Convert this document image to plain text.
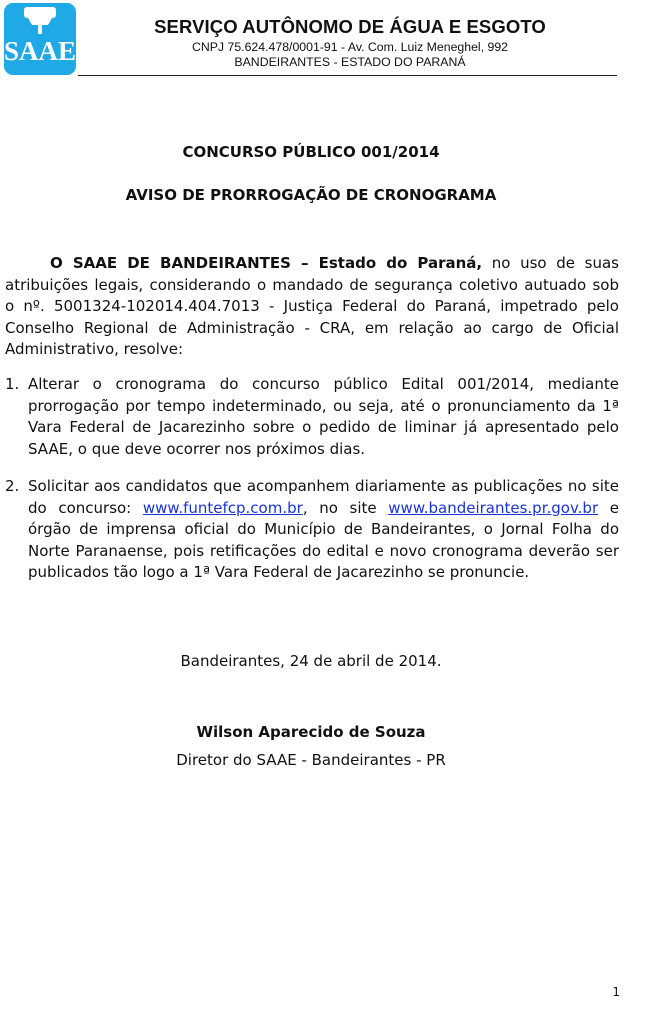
SAAE
SERVIÇO AUTÔNOMO DE ÁGUA E ESGOTO
CNPJ 75.624.478/0001-91 - Av. Com. Luiz Meneghel, 992
BANDEIRANTES - ESTADO DO PARANÁ
CONCURSO PÚBLICO 001/2014
AVISO DE PRORROGAÇÃO DE CRONOGRAMA

O SAAE DE BANDEIRANTES – Estado do Paraná, no uso de suas atribuições legais, considerando o mandado de segurança coletivo autuado sob o nº. 5001324-102014.404.7013 - Justiça Federal do Paraná, impetrado pelo Conselho Regional de Administração - CRA, em relação ao cargo de Oficial Administrativo, resolve:

1. Alterar o cronograma do concurso público Edital 001/2014, mediante prorrogação por tempo indeterminado, ou seja, até o pronunciamento da 1ª Vara Federal de Jacarezinho sobre o pedido de liminar já apresentado pelo SAAE, o que deve ocorrer nos próximos dias.
2. Solicitar aos candidatos que acompanhem diariamente as publicações no site do concurso: www.funtefcp.com.br, no site www.bandeirantes.pr.gov.br e órgão de imprensa oficial do Município de Bandeirantes, o Jornal Folha do Norte Paranaense, pois retificações do edital e novo cronograma deverão ser publicados tão logo a 1ª Vara Federal de Jacarezinho se pronuncie.
Bandeirantes, 24 de abril de 2014.
Wilson Aparecido de Souza
Diretor do SAAE - Bandeirantes - PR
1
